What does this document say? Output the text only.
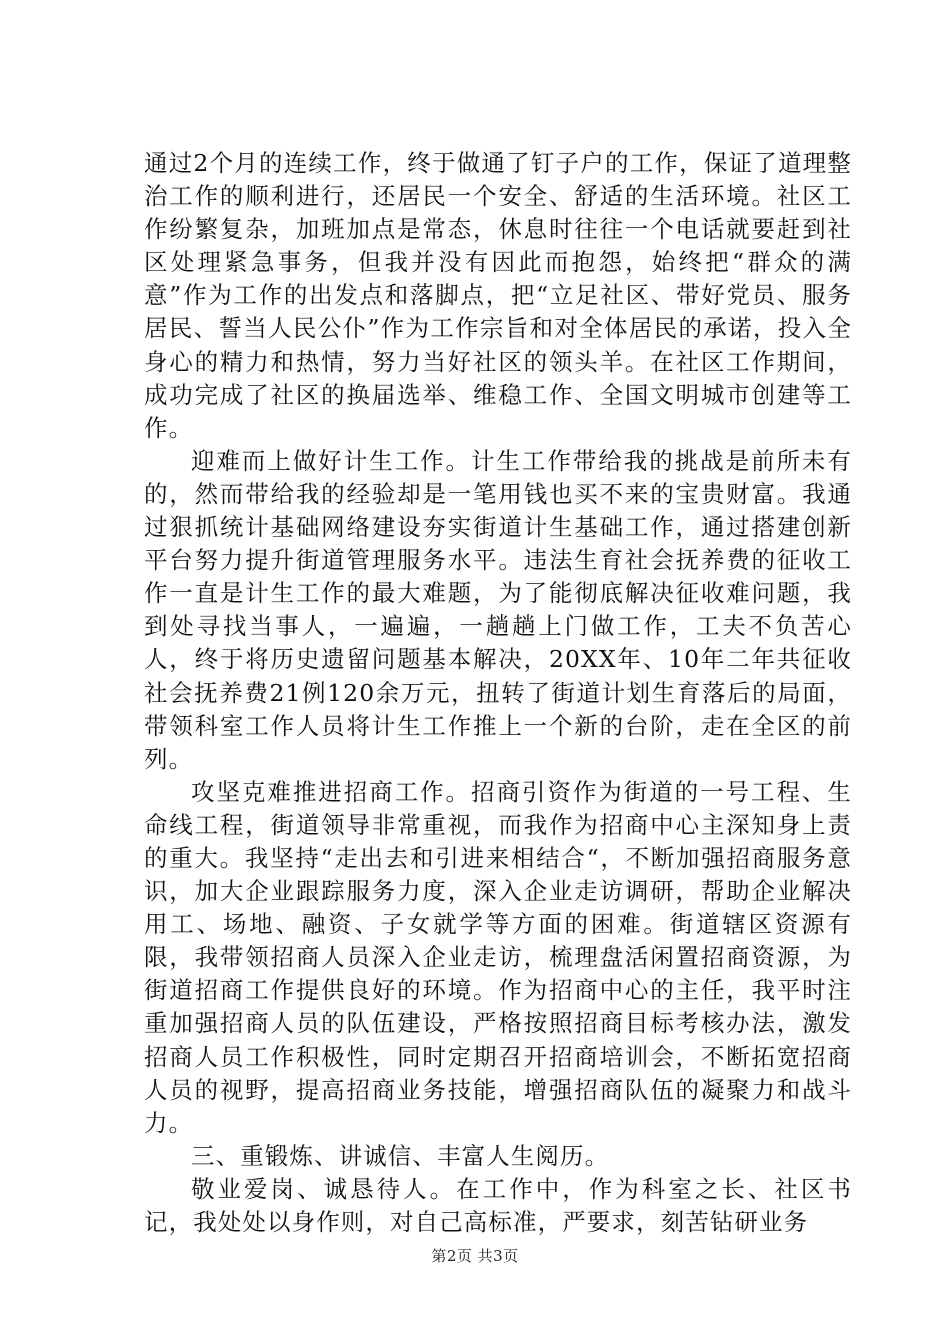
通过2个月的连续工作，终于做通了钉子户的工作，保证了道理整治工作的顺利进行，还居民一个安全、舒适的生活环境。社区工作纷繁复杂，加班加点是常态，休息时往往一个电话就要赶到社区处理紧急事务，但我并没有因此而抱怨，始终把“群众的满意”作为工作的出发点和落脚点，把“立足社区、带好党员、服务居民、誓当人民公仆”作为工作宗旨和对全体居民的承诺，投入全身心的精力和热情，努力当好社区的领头羊。在社区工作期间，成功完成了社区的换届选举、维稳工作、全国文明城市创建等工作。

迎难而上做好计生工作。计生工作带给我的挑战是前所未有的，然而带给我的经验却是一笔用钱也买不来的宝贵财富。我通过狠抓统计基础网络建设夯实街道计生基础工作，通过搭建创新平台努力提升街道管理服务水平。违法生育社会抚养费的征收工作一直是计生工作的最大难题，为了能彻底解决征收难问题，我到处寻找当事人，一遍遍，一趟趟上门做工作，工夫不负苦心人，终于将历史遗留问题基本解决，20XX年、10年二年共征收社会抚养费21例120余万元，扭转了街道计划生育落后的局面，带领科室工作人员将计生工作推上一个新的台阶，走在全区的前列。

攻坚克难推进招商工作。招商引资作为街道的一号工程、生命线工程，街道领导非常重视，而我作为招商中心主深知身上责的重大。我坚持“走出去和引进来相结合“，不断加强招商服务意识，加大企业跟踪服务力度，深入企业走访调研，帮助企业解决用工、场地、融资、子女就学等方面的困难。街道辖区资源有限，我带领招商人员深入企业走访，梳理盘活闲置招商资源，为街道招商工作提供良好的环境。作为招商中心的主任，我平时注重加强招商人员的队伍建设，严格按照招商目标考核办法，激发招商人员工作积极性，同时定期召开招商培训会，不断拓宽招商人员的视野，提高招商业务技能，增强招商队伍的凝聚力和战斗力。

三、重锻炼、讲诚信、丰富人生阅历。

敬业爱岗、诚恳待人。在工作中，作为科室之长、社区书记，我处处以身作则，对自己高标准，严要求，刻苦钻研业务

第2页 共3页
